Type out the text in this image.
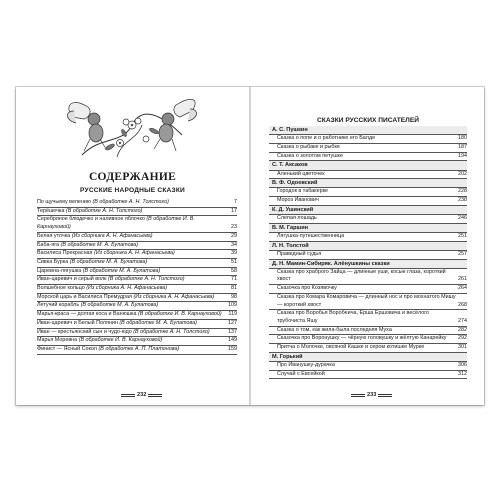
СОДЕРЖАНИЕ
РУССКИЕ НАРОДНЫЕ СКАЗКИ
По щучьему велению (В обработке А. Н. Толстого)	7
Терёшечка (В обработке А. Н. Толстого)	17
Серебряное блюдечко и наливное яблочко (В обработке И. В. Карнауховой)	23
Белая уточка (Из сборника А. Н. Афанасьева)	29
Баба-яга (В обработке М. А. Булатова)	34
Василиса Прекрасная (Из сборника А. Н. Афанасьева)	39
Сивка Бурка (В обработке М. А. Булатова)	51
Царевна-лягушка (В обработке М. А. Булатова)	58
Иван-царевич и серый волк (В обработке А. Н. Толстого)	71
Волшебное кольцо (Из сборника А. Н. Афанасьева)	81
Морской царь и Василиса Премудрая (Из сборника А. Н. Афанасьева)	98
Летучий корабль (В обработке М. А. Булатова)	109
Марья-краса — долгая коса и Ванюшка (В обработке И. В. Карнауховой)	119
Иван-царевич и Белый Полянин (В обработке М. А. Булатова)	127
Иван — крестьянский сын и чудо-юдо (В обработке А. Н. Толстого)	137
Марья Моревна (В обработке И. В. Карнауховой)	149
Финист — Ясный Сокол (В обработке А. П. Платонова)	159
232
СКАЗКИ РУССКИХ ПИСАТЕЛЕЙ
А. С. Пушкин
Сказка о попе и о работнике его Балде	180
Сказка о рыбаке и рыбке	187
Сказка о золотом петушке	194
С. Т. Аксаков
Аленький цветочек	202
В. Ф. Одоевский
Городок в табакерке	228
Мороз Иванович	238
К. Д. Ушинский
Слепая лошадь	246
В. М. Гаршин
Лягушка-путешественница	251
Л. Н. Толстой
Праведный судья	257
Д. Н. Мамин-Сибиряк. Алёнушкины сказки
Сказка про храброго Зайца — длинные уши, косые глаза, короткий хвост	261
Сказочка про Козявочку	264
Сказка про Комара Комаровича — длинный нос и про мохнатого Мишу — короткий хвост	268
Сказка про Воробья Воробеича, Ерша Ершовича и весёлого трубочиста Яшу	274
Сказка о том, как жила-была последняя Муха	282
Сказочка про Воронушку — чёрную головушку и жёлтую Канарейку	292
Притча о Молочке, овсяной Кашке и сером котишке Мурке	301
М. Горький
Про Иванушку-дурачка	306
Случай с Евсейкой	312
233
